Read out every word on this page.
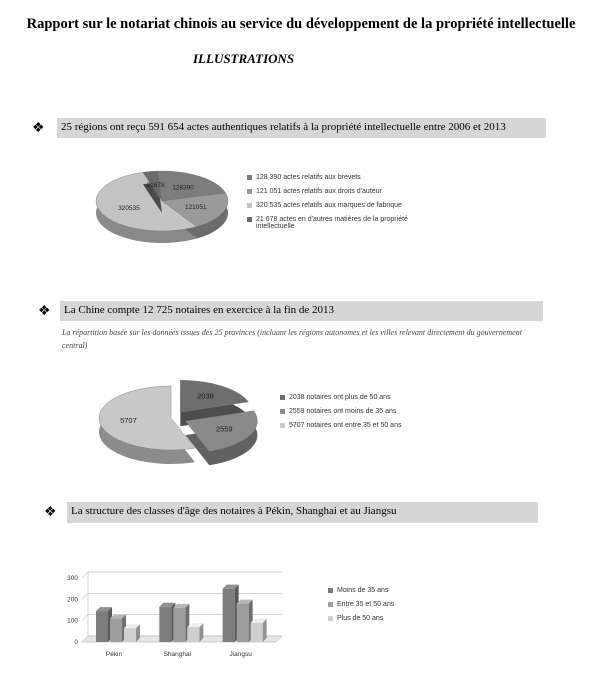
Rapport sur le notariat chinois au service du développement de la propriété intellectuelle
ILLUSTRATIONS
❖	25 régions ont reçu 591 654 actes authentiques relatifs à la propriété intellectuelle entre 2006 et 2013
128390
121051
320535
21678
128 390 actes relatifs aux brevets
121 051 actes relatifs aux droits d'auteur
320 535 actes relatifs aux marques de fabrique
21 678 actes en d'autres matières de la propriété intellectuelle
❖	La Chine compte 12 725 notaires en exercice à la fin de 2013
La répartition basée sur les données issues des 25 provinces (incluant les régions autonomes et les villes relevant directement du gouvernement central)
2038
2559
5707
2038 notaires ont plus de 50 ans
2559 notaires ont moins de 35 ans
5707 notaires ont entre 35 et 50 ans
❖	La structure des classes d'âge des notaires à Pékin, Shanghai et au Jiangsu
0
100
200
300
Pékin	Shanghai	Jiangsu
Moins de 35 ans
Entre 35 et 50 ans
Plus de 50 ans
